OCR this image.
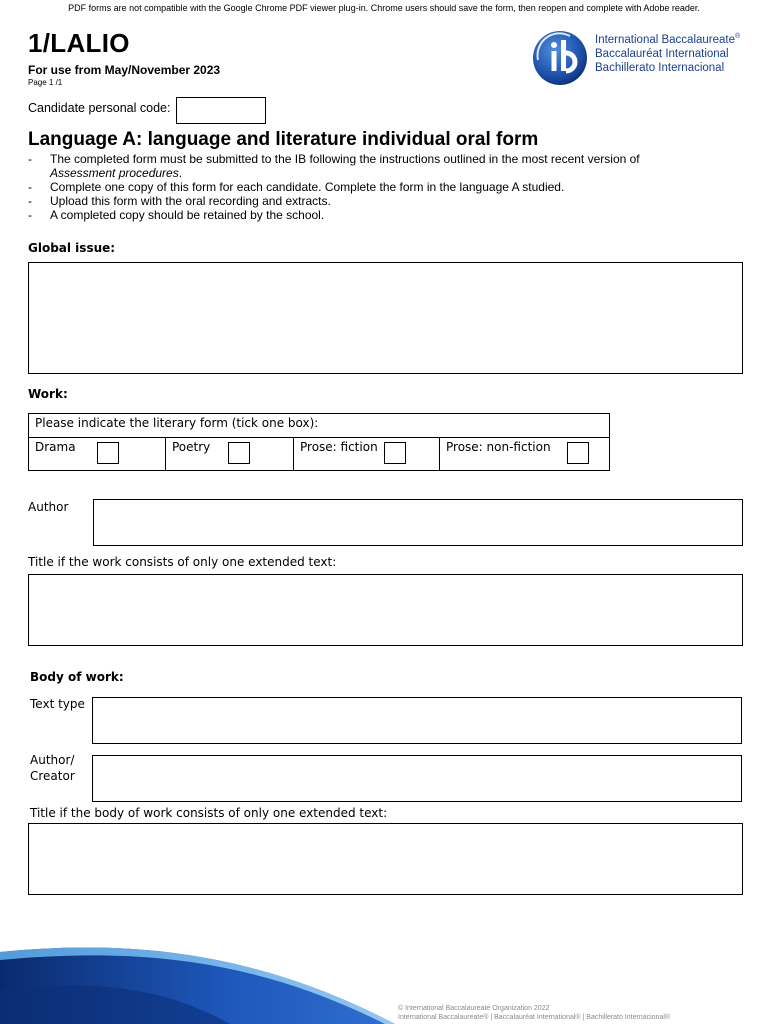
PDF forms are not compatible with the Google Chrome PDF viewer plug-in. Chrome users should save the form, then reopen and complete with Adobe reader.
1/LALIO
For use from May/November 2023
Page 1 /1
International Baccalaureate®
Baccalauréat International
Bachillerato Internacional
Candidate personal code:
Language A: language and literature individual oral form
-	The completed form must be submitted to the IB following the instructions outlined in the most recent version of
Assessment procedures.
-	Complete one copy of this form for each candidate. Complete the form in the language A studied.
-	Upload this form with the oral recording and extracts.
-	A completed copy should be retained by the school.
Global issue:
Work:
Please indicate the literary form (tick one box):
Drama	Poetry	Prose: fiction	Prose: non-fiction
Author
Title if the work consists of only one extended text:
Body of work:
Text type
Author/
Creator
Title if the body of work consists of only one extended text:
© International Baccalaureate Organization 2022
International Baccalaureate® | Baccalauréat International® | Bachillerato Internacional®
